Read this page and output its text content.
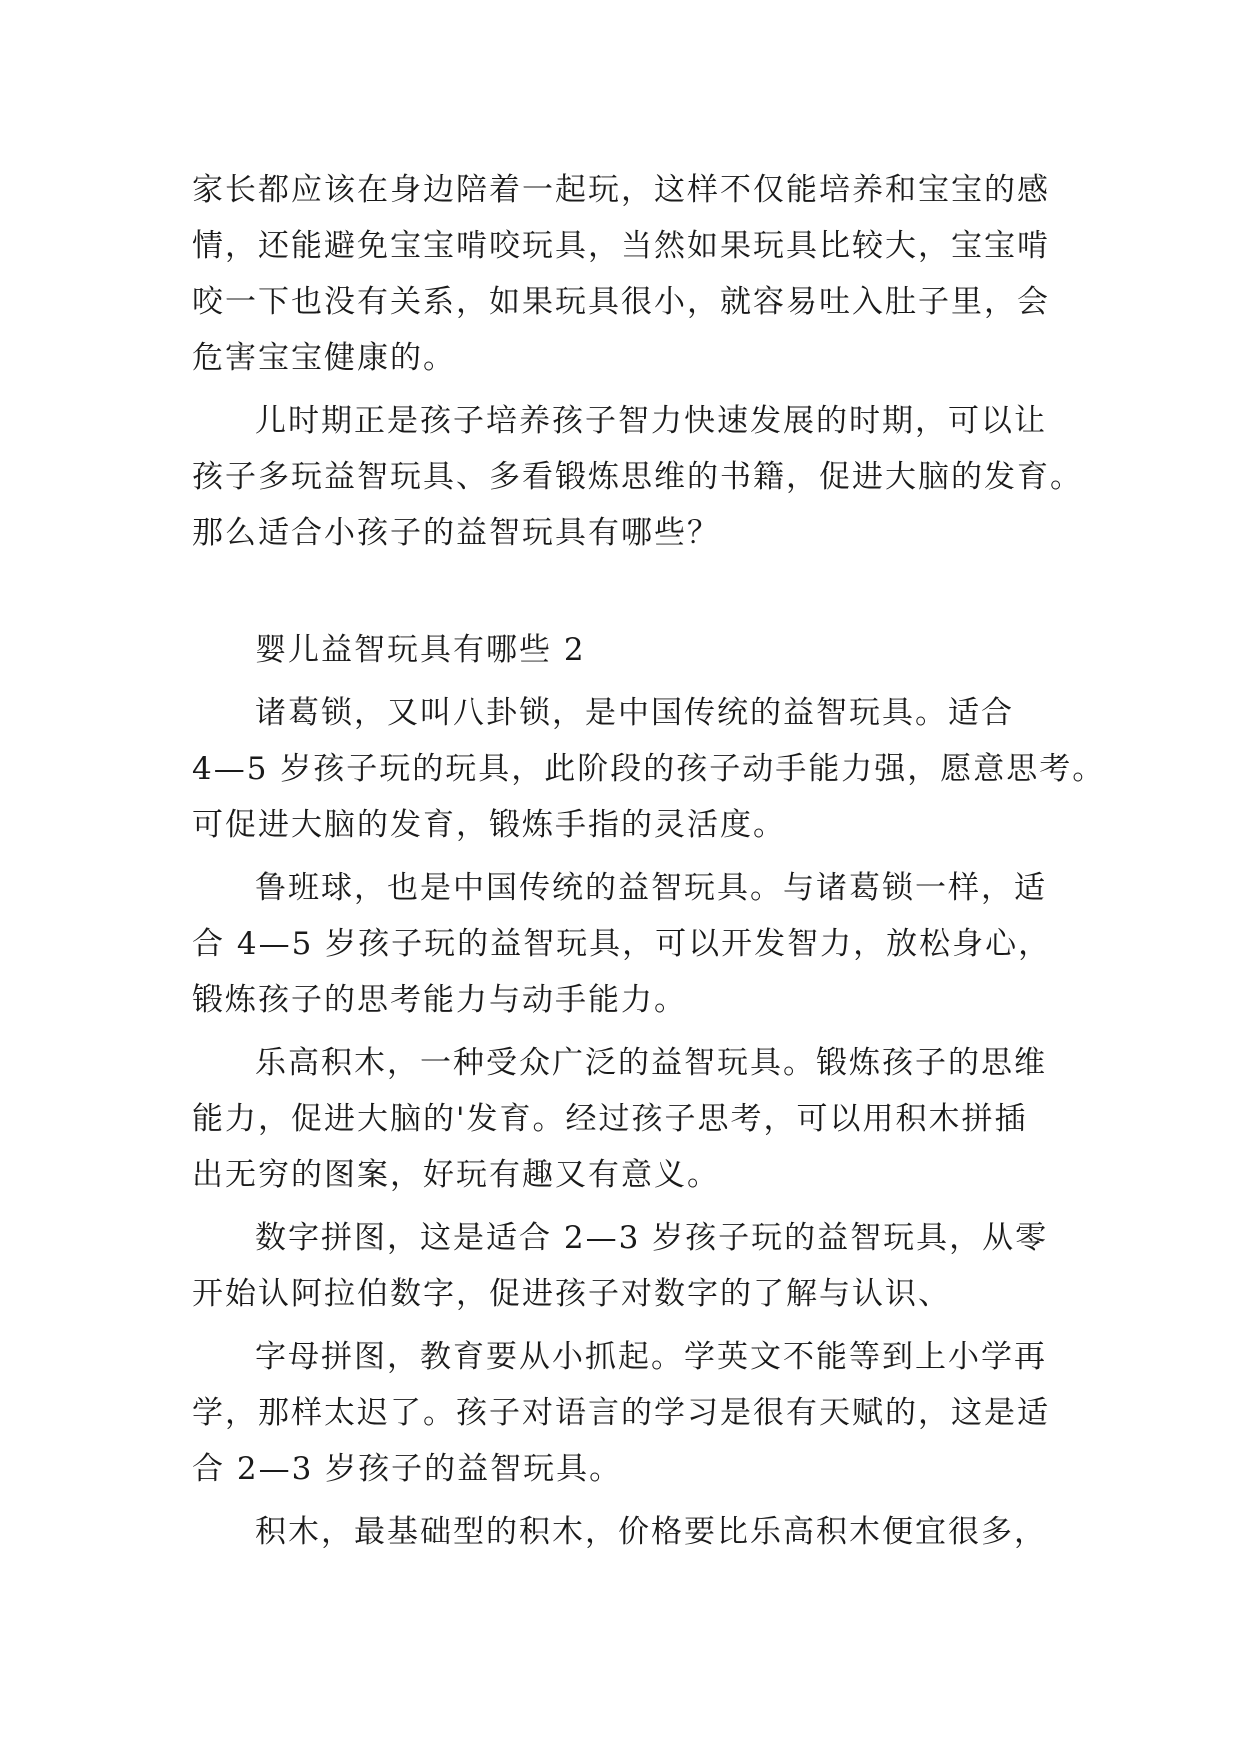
家长都应该在身边陪着一起玩，这样不仅能培养和宝宝的感
情，还能避免宝宝啃咬玩具，当然如果玩具比较大，宝宝啃
咬一下也没有关系，如果玩具很小，就容易吐入肚子里，会
危害宝宝健康的。
儿时期正是孩子培养孩子智力快速发展的时期，可以让
孩子多玩益智玩具、多看锻炼思维的书籍，促进大脑的发育。
那么适合小孩子的益智玩具有哪些？
婴儿益智玩具有哪些 2
诸葛锁，又叫八卦锁，是中国传统的益智玩具。适合
4—5 岁孩子玩的玩具，此阶段的孩子动手能力强，愿意思考。
可促进大脑的发育，锻炼手指的灵活度。
鲁班球，也是中国传统的益智玩具。与诸葛锁一样，适
合 4—5 岁孩子玩的益智玩具，可以开发智力，放松身心，
锻炼孩子的思考能力与动手能力。
乐高积木，一种受众广泛的益智玩具。锻炼孩子的思维
能力，促进大脑的'发育。经过孩子思考，可以用积木拼插
出无穷的图案，好玩有趣又有意义。
数字拼图，这是适合 2—3 岁孩子玩的益智玩具，从零
开始认阿拉伯数字，促进孩子对数字的了解与认识、
字母拼图，教育要从小抓起。学英文不能等到上小学再
学，那样太迟了。孩子对语言的学习是很有天赋的，这是适
合 2—3 岁孩子的益智玩具。
积木，最基础型的积木，价格要比乐高积木便宜很多，
